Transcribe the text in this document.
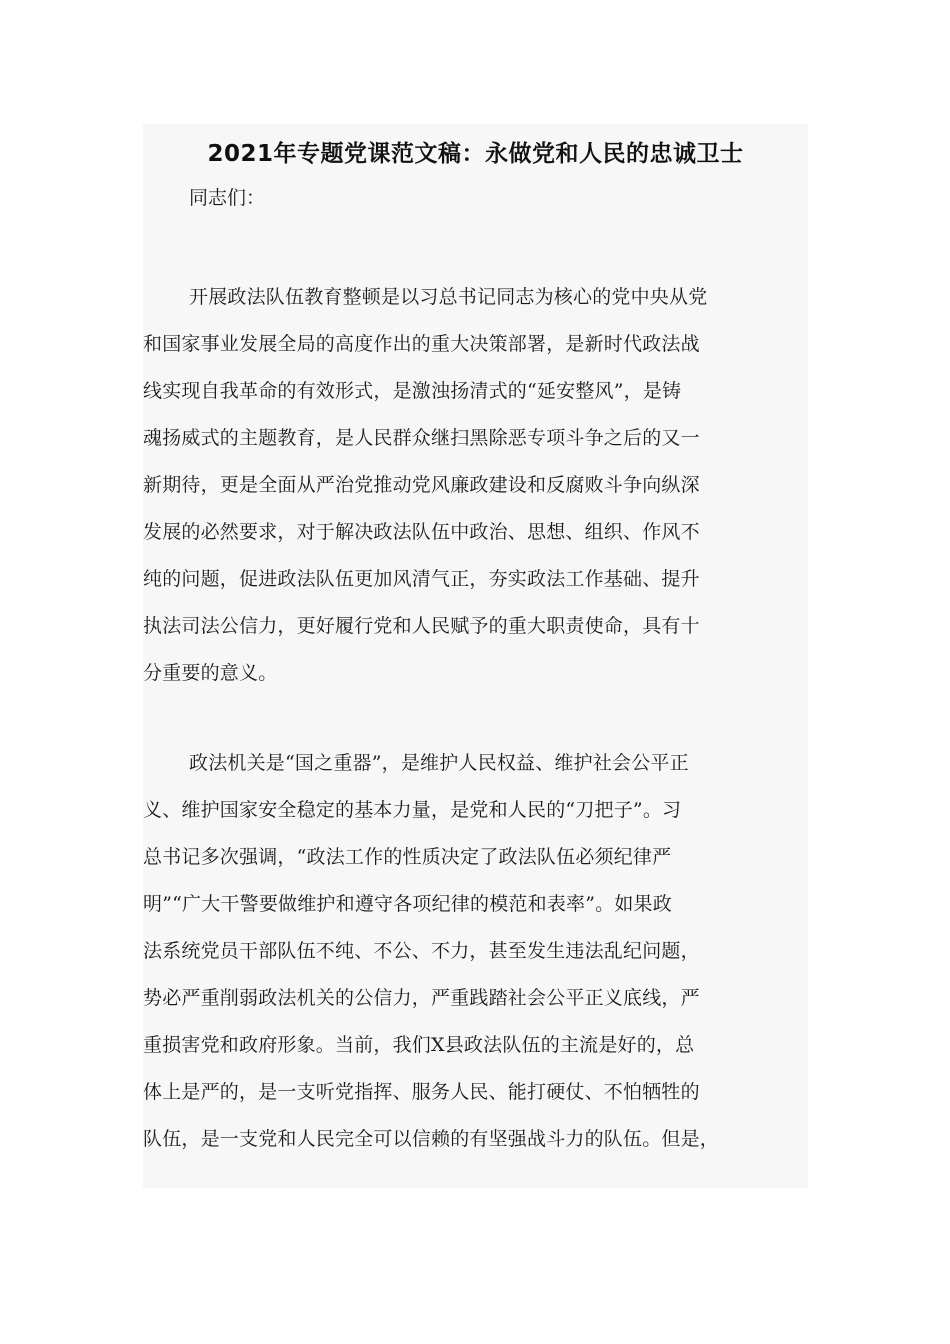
2021年专题党课范文稿：永做党和人民的忠诚卫士

同志们：

开展政法队伍教育整顿是以习总书记同志为核心的党中央从党
和国家事业发展全局的高度作出的重大决策部署，是新时代政法战
线实现自我革命的有效形式，是激浊扬清式的“延安整风”，是铸
魂扬威式的主题教育，是人民群众继扫黑除恶专项斗争之后的又一
新期待，更是全面从严治党推动党风廉政建设和反腐败斗争向纵深
发展的必然要求，对于解决政法队伍中政治、思想、组织、作风不
纯的问题，促进政法队伍更加风清气正，夯实政法工作基础、提升
执法司法公信力，更好履行党和人民赋予的重大职责使命，具有十
分重要的意义。

政法机关是“国之重器”，是维护人民权益、维护社会公平正
义、维护国家安全稳定的基本力量，是党和人民的“刀把子”。习
总书记多次强调，“政法工作的性质决定了政法队伍必须纪律严
明”“广大干警要做维护和遵守各项纪律的模范和表率”。如果政
法系统党员干部队伍不纯、不公、不力，甚至发生违法乱纪问题，
势必严重削弱政法机关的公信力，严重践踏社会公平正义底线，严
重损害党和政府形象。当前，我们X县政法队伍的主流是好的，总
体上是严的，是一支听党指挥、服务人民、能打硬仗、不怕牺牲的
队伍，是一支党和人民完全可以信赖的有坚强战斗力的队伍。但是，
